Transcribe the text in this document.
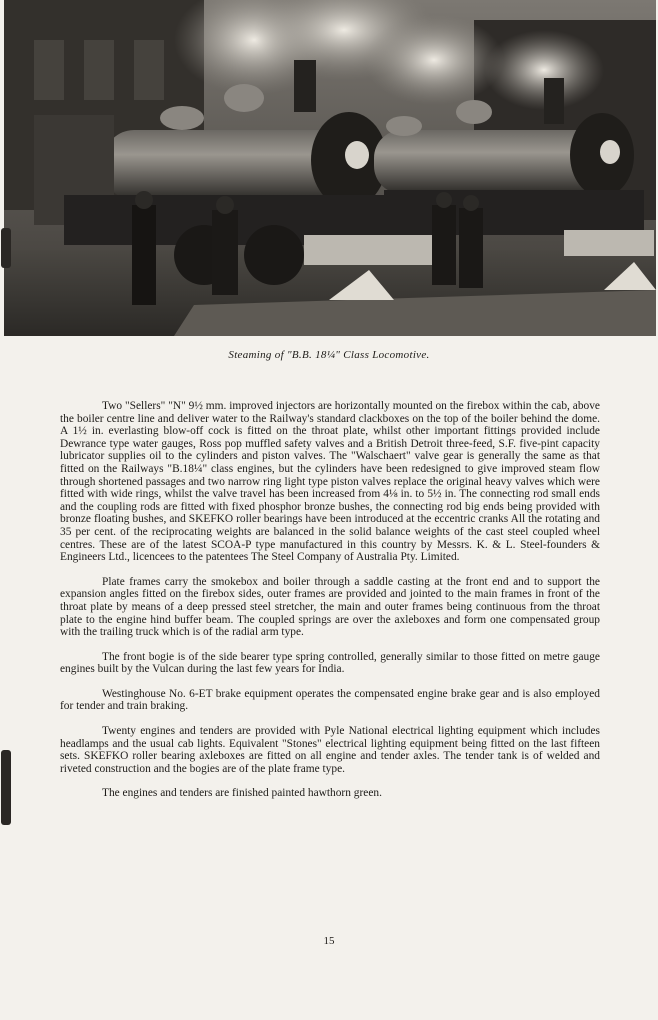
Steaming of "B.B. 18¼" Class Locomotive.

Two "Sellers" "N" 9½ mm. improved injectors are horizontally mounted on the firebox within the cab, above the boiler centre line and deliver water to the Railway's standard clackboxes on the top of the boiler behind the dome. A 1½ in. everlasting blow-off cock is fitted on the throat plate, whilst other important fittings provided include Dewrance type water gauges, Ross pop muffled safety valves and a British Detroit three-feed, S.F. five-pint capacity lubricator supplies oil to the cylinders and piston valves. The "Walschaert" valve gear is generally the same as that fitted on the Railways "B.18¼" class engines, but the cylinders have been redesigned to give improved steam flow through shortened passages and two narrow ring light type piston valves replace the original heavy valves which were fitted with wide rings, whilst the valve travel has been increased from 4⅛ in. to 5½ in. The connecting rod small ends and the coupling rods are fitted with fixed phosphor bronze bushes, the connecting rod big ends being provided with bronze floating bushes, and SKEFKO roller bearings have been introduced at the eccentric cranks All the rotating and 35 per cent. of the reciprocating weights are balanced in the solid balance weights of the cast steel coupled wheel centres. These are of the latest SCOA-P type manufactured in this country by Messrs. K. & L. Steel-founders & Engineers Ltd., licencees to the patentees The Steel Company of Australia Pty. Limited.

Plate frames carry the smokebox and boiler through a saddle casting at the front end and to support the expansion angles fitted on the firebox sides, outer frames are provided and jointed to the main frames in front of the throat plate by means of a deep pressed steel stretcher, the main and outer frames being continuous from the throat plate to the engine hind buffer beam. The coupled springs are over the axleboxes and form one compensated group with the trailing truck which is of the radial arm type.

The front bogie is of the side bearer type spring controlled, generally similar to those fitted on metre gauge engines built by the Vulcan during the last few years for India.

Westinghouse No. 6-ET brake equipment operates the compensated engine brake gear and is also employed for tender and train braking.

Twenty engines and tenders are provided with Pyle National electrical lighting equipment which includes headlamps and the usual cab lights. Equivalent "Stones" electrical lighting equipment being fitted on the last fifteen sets. SKEFKO roller bearing axleboxes are fitted on all engine and tender axles. The tender tank is of welded and riveted construction and the bogies are of the plate frame type.

The engines and tenders are finished painted hawthorn green.

15
